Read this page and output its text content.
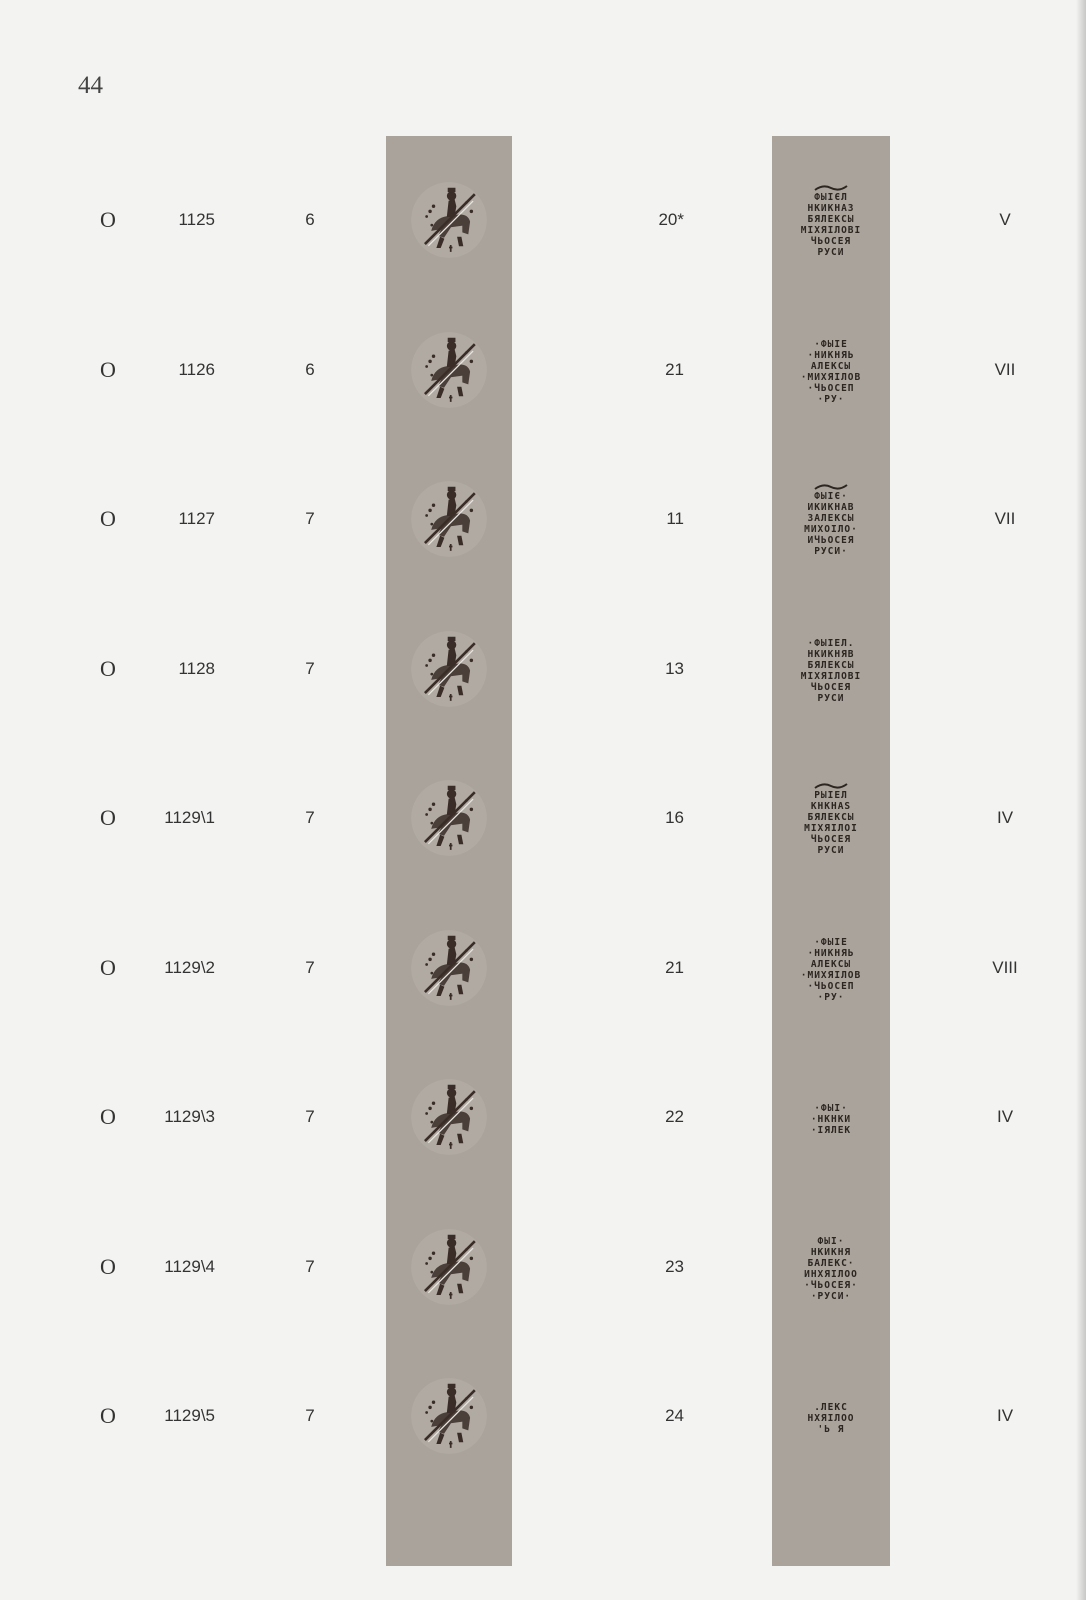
44
O	1125	6	20*	V
ФЫІЄЛ
НКИКНАЗ
БЯЛЕКСЫ
МІХЯІЛОВІ
ЧЬОСЕЯ
РУСИ
O	1126	6	21	VII
·ФЫІЕ
·НИКНЯЬ
АЛЕКСЫ
·МИХЯІЛОВ
·ЧЬОСЕП
·РУ·
O	1127	7	11	VII
ФЫІЄ·
ИКИКНАВ
ЗАЛЕКСЫ
МИХОІЛО·
ИЧЬОСЕЯ
РУСИ·
O	1128	7	13
·ФЫІЕЛ.
НКИКНЯВ
БЯЛЕКСЫ
МІХЯІЛОВІ
ЧЬОСЕЯ
РУСИ
O	1129\1	7	16	IV
РЫІЕЛ
КНКНАЅ
БЯЛЕКСЫ
МІХЯІЛОІ
ЧЬОСЕЯ
РУСИ
O	1129\2	7	21	VIII
·ФЫІЕ
·НИКНЯЬ
АЛЕКСЫ
·МИХЯІЛОВ
·ЧЬОСЕП
·РУ·
O	1129\3	7	22	IV
·ФЫІ·
·НКНКИ
·ІЯЛЕК
O	1129\4	7	23
ФЫІ·
НКИКНЯ
БАЛЕКС·
ИНХЯІЛОО
·ЧЬОСЕЯ·
·РУСИ·
O	1129\5	7	24	IV
.ЛЕКС
НХЯІЛОО
'Ь Я
